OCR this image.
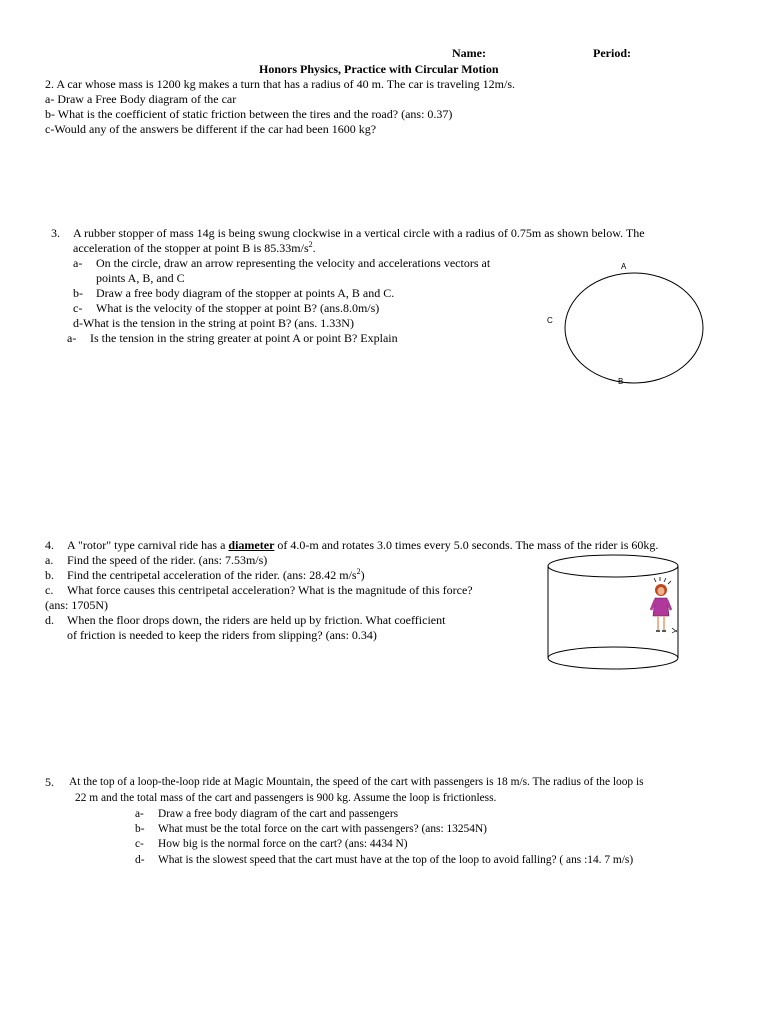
Name:	Period:
Honors Physics, Practice with Circular Motion
2. A car whose mass is 1200 kg makes a turn that has a radius of 40 m. The car is traveling 12m/s.
a- Draw a Free Body diagram of the car
b- What is the coefficient of static friction between the tires and the road? (ans: 0.37)
c-Would any of the answers be different if the car had been 1600 kg?
3. A rubber stopper of mass 14g is being swung clockwise in a vertical circle with a radius of 0.75m as shown below. The
acceleration of the stopper at point B is $85.33m/s^2$.
a- On the circle, draw an arrow representing the velocity and accelerations vectors at
points A, B, and C
b- Draw a free body diagram of the stopper at points A, B and C.
c- What is the velocity of the stopper at point B? (ans.8.0m/s)
d-What is the tension in the string at point B? (ans. 1.33N)
a- Is the tension in the string greater at point A or point B? Explain
A
C
B
4. A "rotor" type carnival ride has a diameter of 4.0-m and rotates 3.0 times every 5.0 seconds. The mass of the rider is 60kg.
a. Find the speed of the rider. (ans: 7.53m/s)
b. Find the centripetal acceleration of the rider. (ans: 28.42 $m/s^2$)
c. What force causes this centripetal acceleration? What is the magnitude of this force?
(ans: 1705N)
d. When the floor drops down, the riders are held up by friction. What coefficient
of friction is needed to keep the riders from slipping? (ans: 0.34)
5. At the top of a loop-the-loop ride at Magic Mountain, the speed of the cart with passengers is 18 m/s. The radius of the loop is
22 m and the total mass of the cart and passengers is 900 kg. Assume the loop is frictionless.
a- Draw a free body diagram of the cart and passengers
b- What must be the total force on the cart with passengers? (ans: 13254N)
c- How big is the normal force on the cart? (ans: 4434 N)
d- What is the slowest speed that the cart must have at the top of the loop to avoid falling? ( ans :14. 7 m/s)
